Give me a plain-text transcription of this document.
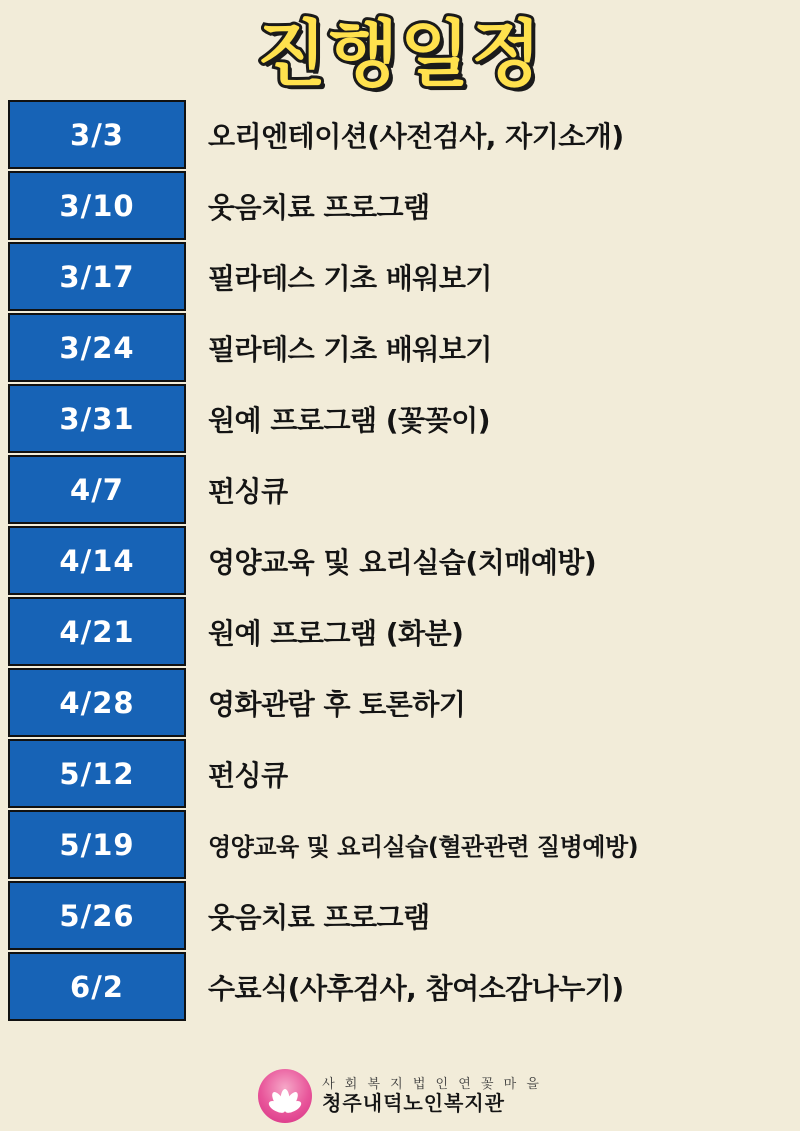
진행일정
3/3	오리엔테이션(사전검사, 자기소개)
3/10	웃음치료 프로그램
3/17	필라테스 기초 배워보기
3/24	필라테스 기초 배워보기
3/31	원예 프로그램 (꽃꽂이)
4/7	펀싱큐
4/14	영양교육 및 요리실습(치매예방)
4/21	원예 프로그램 (화분)
4/28	영화관람 후 토론하기
5/12	펀싱큐
5/19	영양교육 및 요리실습(혈관관련 질병예방)
5/26	웃음치료 프로그램
6/2	수료식(사후검사, 참여소감나누기)
사 회 복 지 법 인 연 꽃 마 을
청주내덕노인복지관
